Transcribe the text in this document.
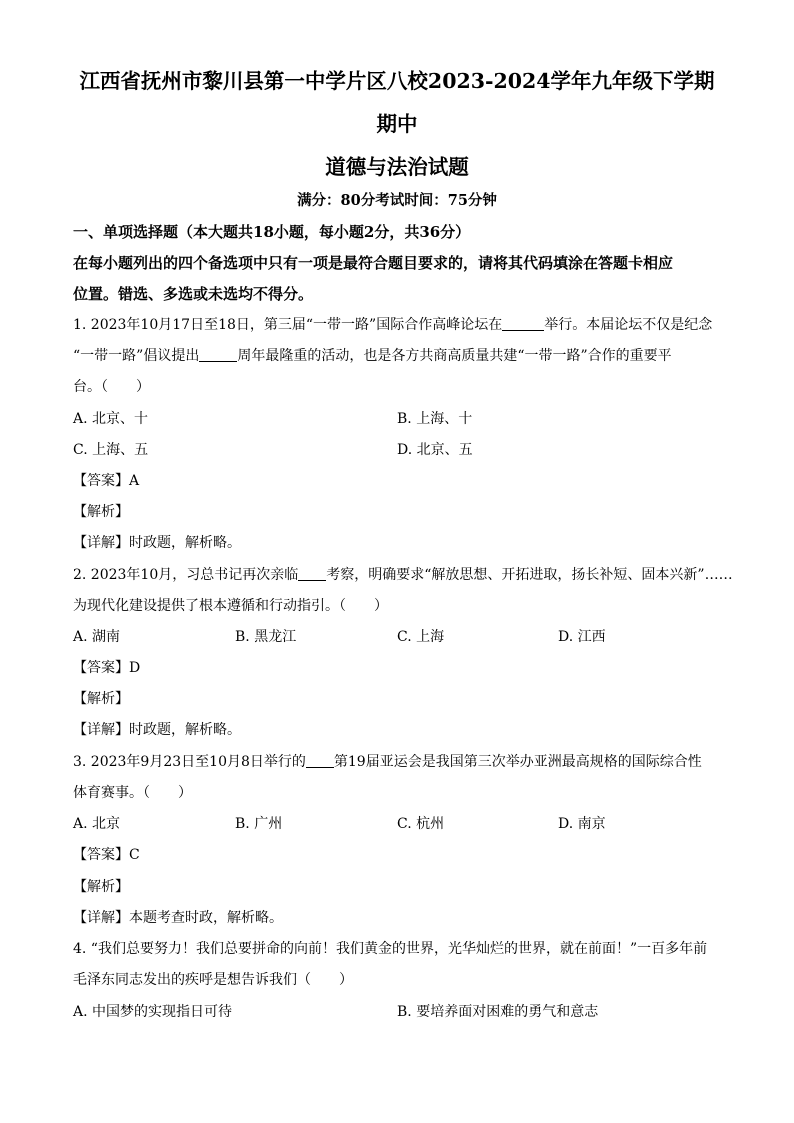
江西省抚州市黎川县第一中学片区八校2023-2024学年九年级下学期
期中
道德与法治试题
满分：80分考试时间：75分钟
一、单项选择题（本大题共18小题，每小题2分，共36分）
在每小题列出的四个备选项中只有一项是最符合题目要求的，请将其代码填涂在答题卡相应
位置。错选、多选或未选均不得分。
1. 2023年10月17日至18日，第三届“一带一路”国际合作高峰论坛在	举行。本届论坛不仅是纪念
“一带一路”倡议提出	周年最隆重的活动，也是各方共商高质量共建“一带一路”合作的重要平
台。（　　）
A. 北京、十	B. 上海、十
C. 上海、五	D. 北京、五
【答案】A
【解析】
【详解】时政题，解析略。
2. 2023年10月，习总书记再次亲临 考察，明确要求“解放思想、开拓进取，扬长补短、固本兴新”……
为现代化建设提供了根本遵循和行动指引。（　　）
A. 湖南	B. 黑龙江	C. 上海	D. 江西
【答案】D
【解析】
【详解】时政题，解析略。
3. 2023年9月23日至10月8日举行的 第19届亚运会是我国第三次举办亚洲最高规格的国际综合性
体育赛事。（　　）
A. 北京	B. 广州	C. 杭州	D. 南京
【答案】C
【解析】
【详解】本题考查时政，解析略。
4. “我们总要努力！我们总要拼命的向前！我们黄金的世界，光华灿烂的世界，就在前面！”一百多年前
毛泽东同志发出的疾呼是想告诉我们（　　）
A. 中国梦的实现指日可待	B. 要培养面对困难的勇气和意志
